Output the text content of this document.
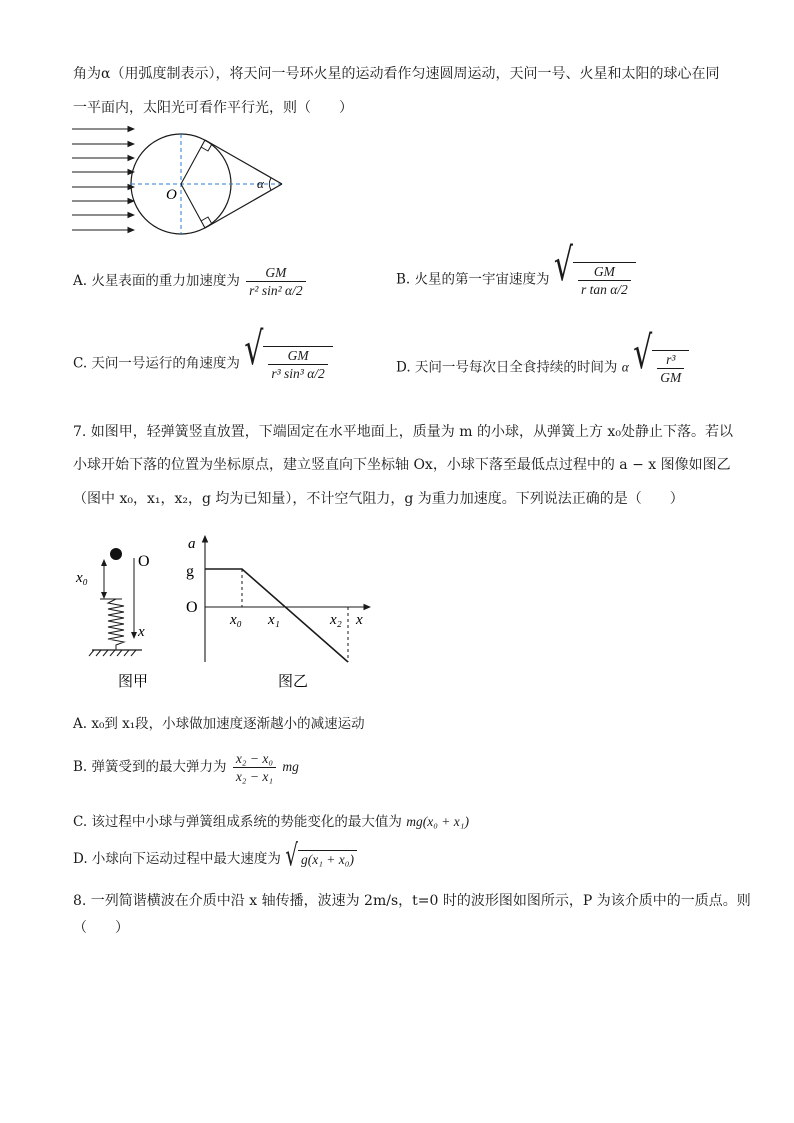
角为α（用弧度制表示），将天问一号环火星的运动看作匀速圆周运动，天问一号、火星和太阳的球心在同
一平面内，太阳光可看作平行光，则（　　）
O
α
A. 火星表面的重力加速度为 $\frac{GM}{\text{r² sin² α/2}}$	B. 火星的第一宇宙速度为 √ $\frac{GM}{\text{r tan α/2}}$
C. 天问一号运行的角速度为 √ $\frac{GM}{\text{r³ sin³ α/2}}$	D. 天问一号每次日全食持续的时间为 α √ $\frac{\text{r³}}{GM}$
7. 如图甲，轻弹簧竖直放置，下端固定在水平地面上，质量为 m 的小球，从弹簧上方 x₀处静止下落。若以
小球开始下落的位置为坐标原点，建立竖直向下坐标轴 Ox，小球下落至最低点过程中的 a − x 图像如图乙
（图中 x₀，x₁，x₂，g 均为已知量），不计空气阻力，g 为重力加速度。下列说法正确的是（　　）
x₀
O
x
图甲
a
g
O
x₀ x₁	x₂ x
图乙
A. x₀到 x₁段，小球做加速度逐渐越小的减速运动
B. 弹簧受到的最大弹力为 $\frac{\text{x₂ − x₀}}{\text{x₂ − x₁}}$ mg
C. 该过程中小球与弹簧组成系统的势能变化的最大值为 mg(x₀ + x₁)
D. 小球向下运动过程中最大速度为 √ g(x₁ + x₀)
8. 一列简谐横波在介质中沿 x 轴传播，波速为 2m/s，t=0 时的波形图如图所示，P 为该介质中的一质点。则
（　　）
